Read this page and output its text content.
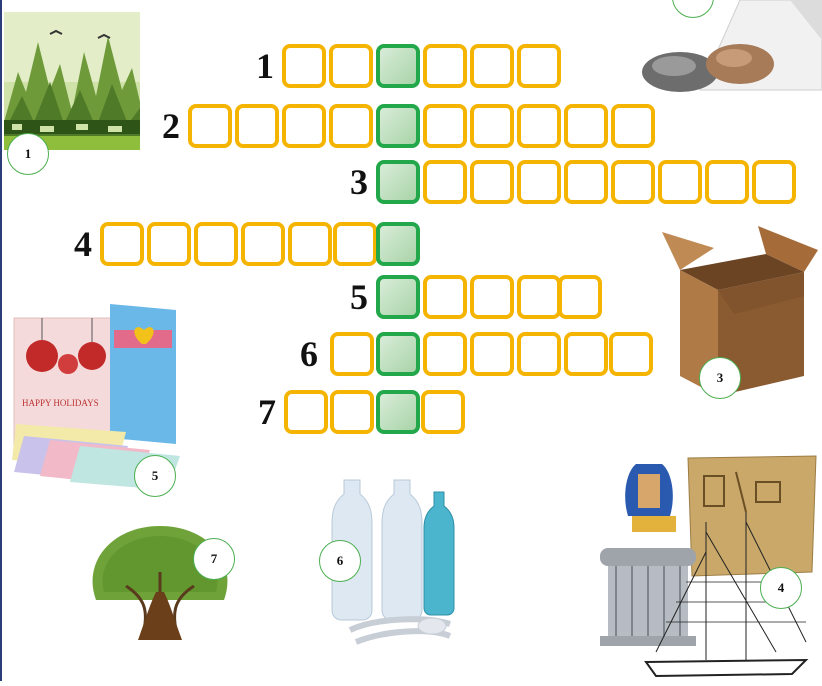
1
2
3
4
5
6
7
1
3
HAPPY HOLIDAYS
5
7	6
4
